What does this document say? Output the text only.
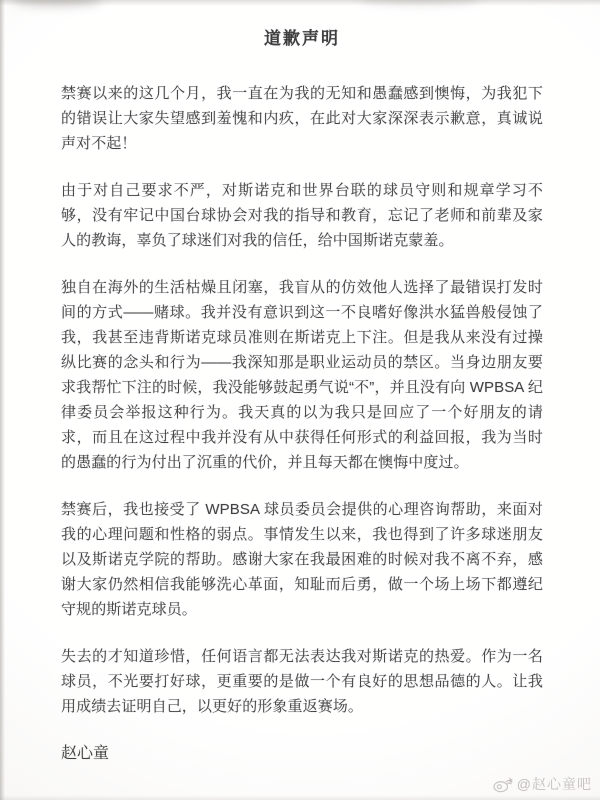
道歉声明

禁赛以来的这几个月，我一直在为我的无知和愚蠢感到懊悔，为我犯下的错误让大家失望感到羞愧和内疚，在此对大家深深表示歉意，真诚说声对不起！

由于对自己要求不严，对斯诺克和世界台联的球员守则和规章学习不够，没有牢记中国台球协会对我的指导和教育，忘记了老师和前辈及家人的教诲，辜负了球迷们对我的信任，给中国斯诺克蒙羞。

独自在海外的生活枯燥且闭塞，我盲从的仿效他人选择了最错误打发时间的方式——赌球。我并没有意识到这一不良嗜好像洪水猛兽般侵蚀了我，我甚至违背斯诺克球员准则在斯诺克上下注。但是我从来没有过操纵比赛的念头和行为——我深知那是职业运动员的禁区。当身边朋友要求我帮忙下注的时候，我没能够鼓起勇气说“不”，并且没有向 WPBSA 纪律委员会举报这种行为。我天真的以为我只是回应了一个好朋友的请求，而且在这过程中我并没有从中获得任何形式的利益回报，我为当时的愚蠢的行为付出了沉重的代价，并且每天都在懊悔中度过。

禁赛后，我也接受了 WPBSA 球员委员会提供的心理咨询帮助，来面对我的心理问题和性格的弱点。事情发生以来，我也得到了许多球迷朋友以及斯诺克学院的帮助。感谢大家在我最困难的时候对我不离不弃，感谢大家仍然相信我能够洗心革面，知耻而后勇，做一个场上场下都遵纪守规的斯诺克球员。

失去的才知道珍惜，任何语言都无法表达我对斯诺克的热爱。作为一名球员，不光要打好球，更重要的是做一个有良好的思想品德的人。让我用成绩去证明自己，以更好的形象重返赛场。

赵心童
@赵心童吧
